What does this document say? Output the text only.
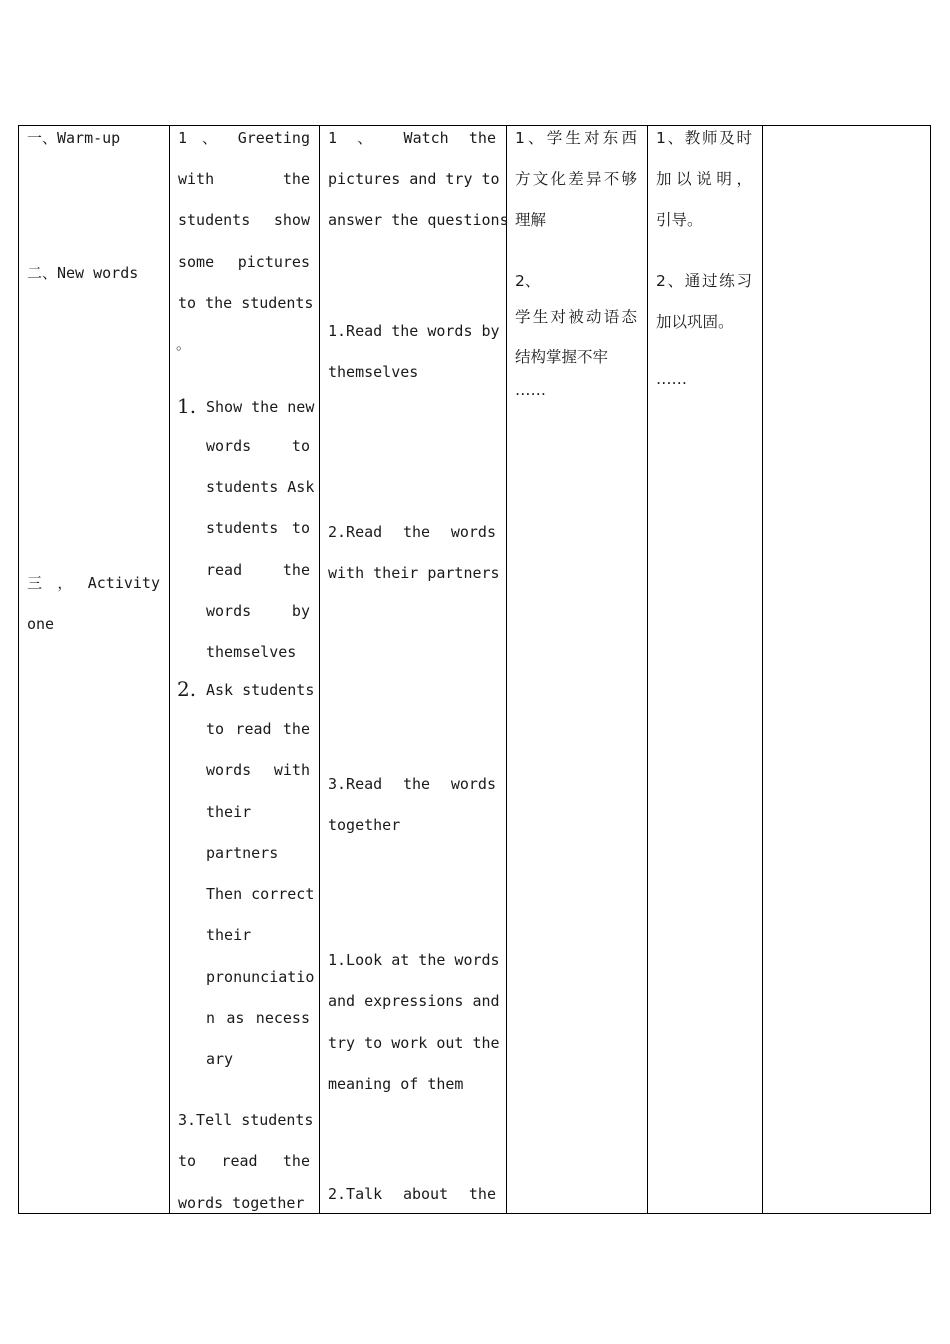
一、Warm-up
二、New words
三 ， Activity
one
1 、 Greeting
with the
students show
some pictures
to the students
。
1. Show the new
words to
students Ask
students to
read the
words by
themselves
2. Ask students
to read the
words with
their
partners
Then correct
their
pronunciatio
n as necess
ary
3.Tell students
to read the
words together
1 、 Watch the
pictures and try to
answer the questions
1.Read the words by
themselves
2.Read the words
with their partners
3.Read the words
together
1.Look at the words
and expressions and
try to work out the
meaning of them
2.Talk about the
1、学生对东西
方文化差异不够
理解
2、
学生对被动语态
结构掌握不牢
……
1、教师及时
加以说明，
引导。
2、通过练习
加以巩固。
……
